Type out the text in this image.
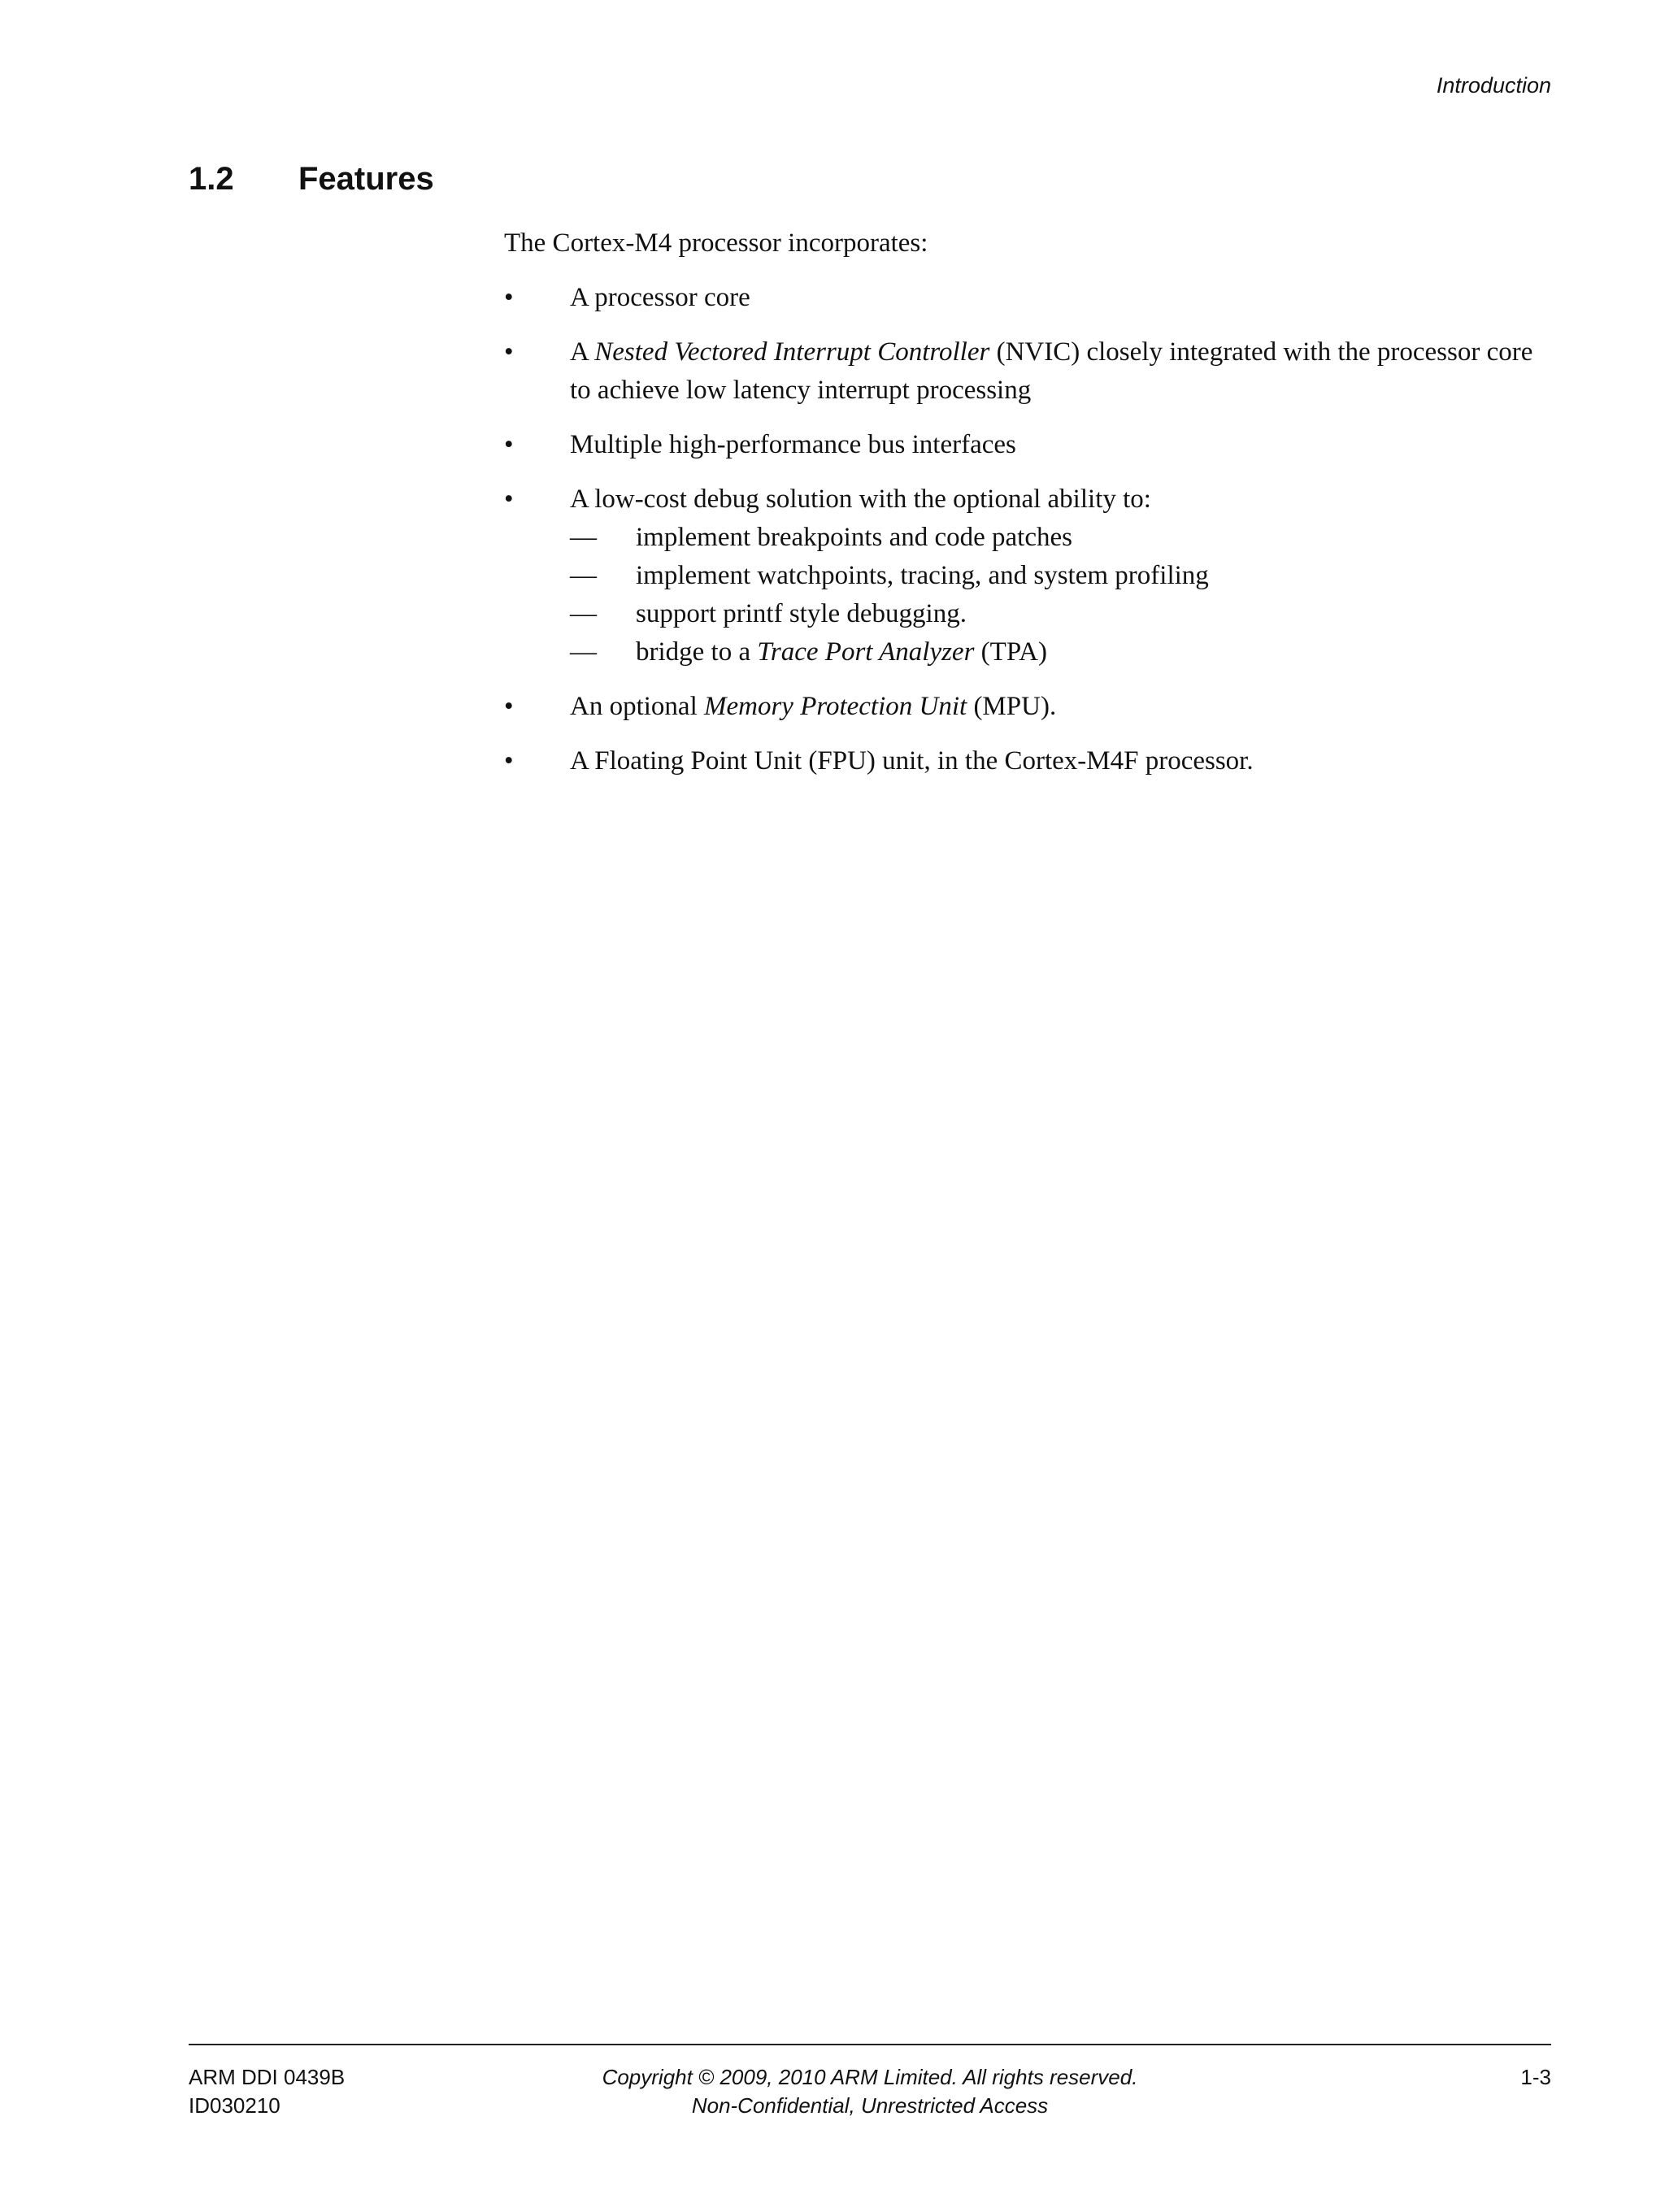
Introduction
1.2 Features

The Cortex-M4 processor incorporates:

• A processor core
• A Nested Vectored Interrupt Controller (NVIC) closely integrated with the processor core to achieve low latency interrupt processing
• Multiple high-performance bus interfaces
• A low-cost debug solution with the optional ability to:
— implement breakpoints and code patches
— implement watchpoints, tracing, and system profiling
— support printf style debugging.
— bridge to a Trace Port Analyzer (TPA)
• An optional Memory Protection Unit (MPU).
• A Floating Point Unit (FPU) unit, in the Cortex-M4F processor.
Copyright © 2009, 2010 ARM Limited. All rights reserved.
Non-Confidential, Unrestricted Access
ARM DDI 0439B
ID030210
1-3
